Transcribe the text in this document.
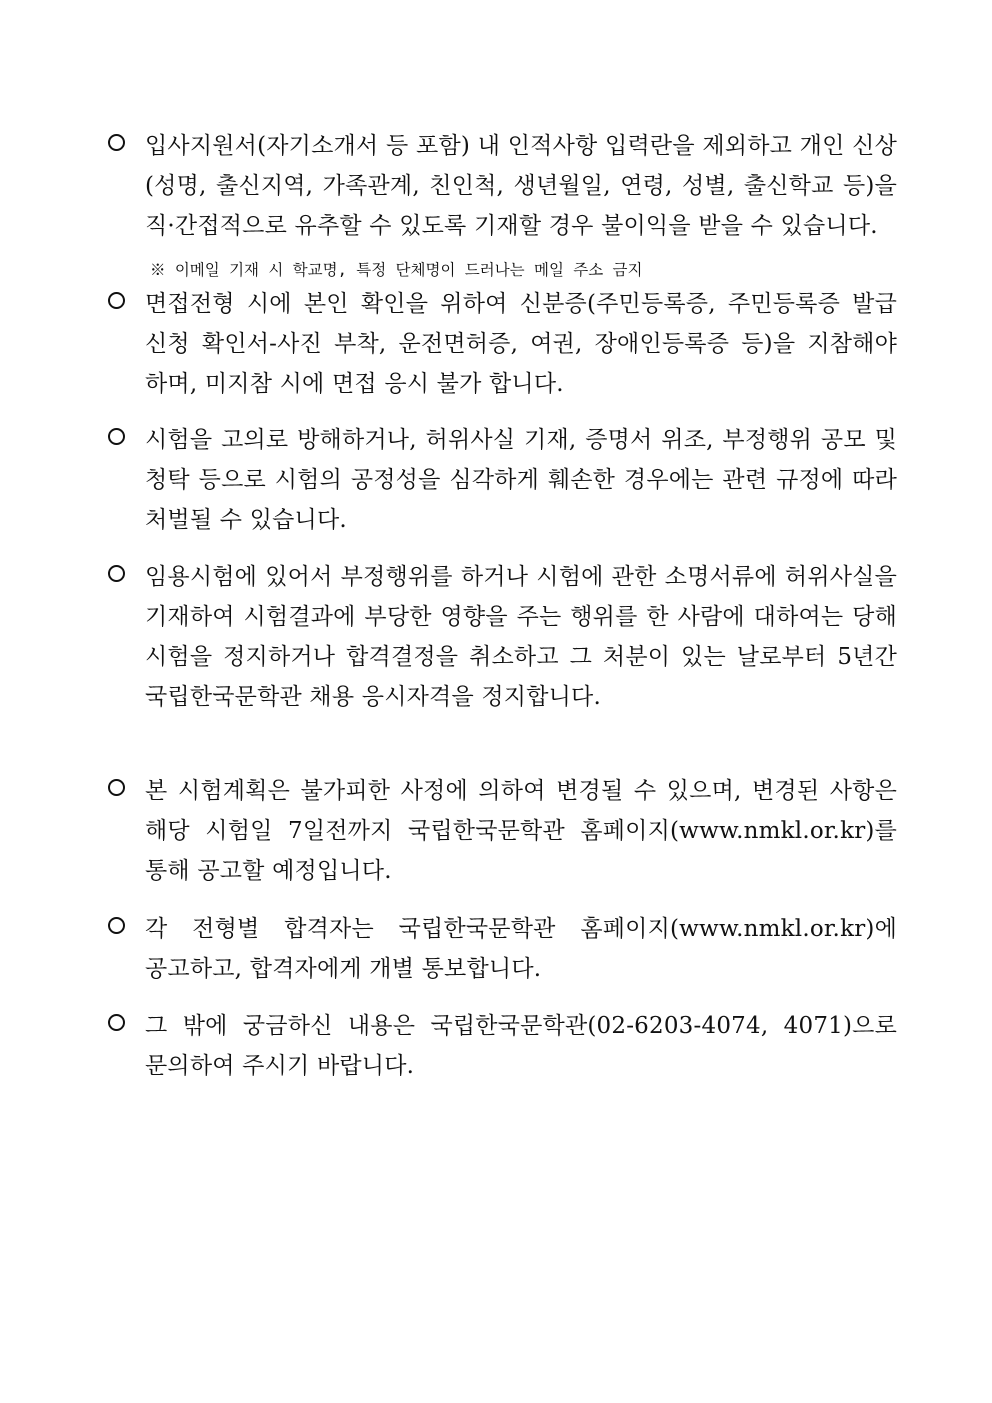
입사지원서(자기소개서 등 포함) 내 인적사항 입력란을 제외하고 개인 신상(성명, 출신지역, 가족관계, 친인척, 생년월일, 연령, 성별, 출신학교 등)을 직·간접적으로 유추할 수 있도록 기재할 경우 불이익을 받을 수 있습니다.
※ 이메일 기재 시 학교명, 특정 단체명이 드러나는 메일 주소 금지
면접전형 시에 본인 확인을 위하여 신분증(주민등록증, 주민등록증 발급 신청 확인서-사진 부착, 운전면허증, 여권, 장애인등록증 등)을 지참해야 하며, 미지참 시에 면접 응시 불가 합니다.
시험을 고의로 방해하거나, 허위사실 기재, 증명서 위조, 부정행위 공모 및 청탁 등으로 시험의 공정성을 심각하게 훼손한 경우에는 관련 규정에 따라 처벌될 수 있습니다.
임용시험에 있어서 부정행위를 하거나 시험에 관한 소명서류에 허위사실을 기재하여 시험결과에 부당한 영향을 주는 행위를 한 사람에 대하여는 당해 시험을 정지하거나 합격결정을 취소하고 그 처분이 있는 날로부터 5년간 국립한국문학관 채용 응시자격을 정지합니다.
본 시험계획은 불가피한 사정에 의하여 변경될 수 있으며, 변경된 사항은 해당 시험일 7일전까지 국립한국문학관 홈페이지(www.nmkl.or.kr)를 통해 공고할 예정입니다.
각 전형별 합격자는 국립한국문학관 홈페이지(www.nmkl.or.kr)에 공고하고, 합격자에게 개별 통보합니다.
그 밖에 궁금하신 내용은 국립한국문학관(02-6203-4074, 4071)으로 문의하여 주시기 바랍니다.
